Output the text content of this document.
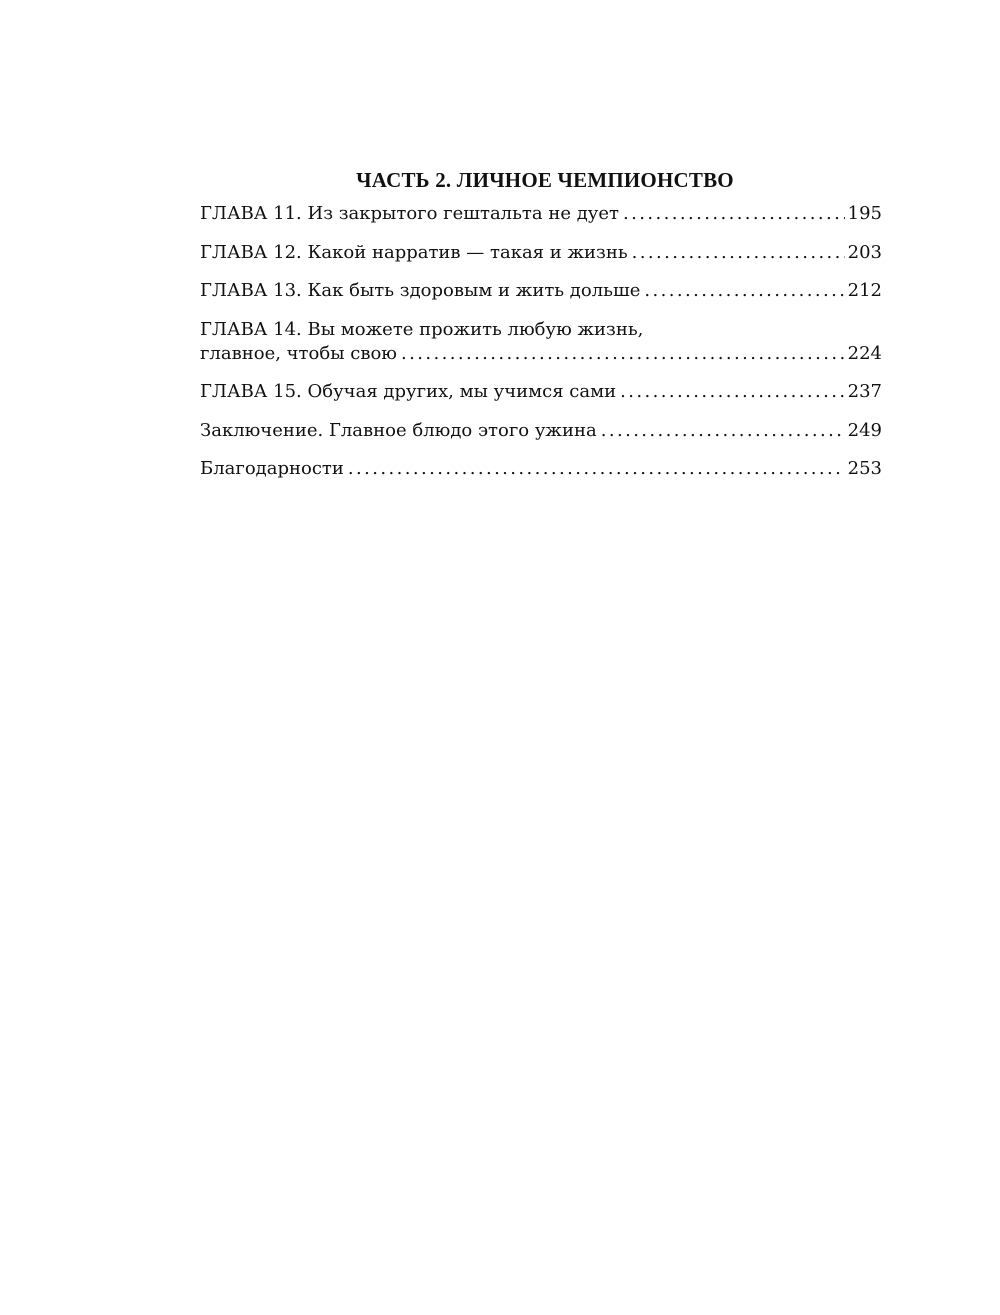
ЧАСТЬ 2. ЛИЧНОЕ ЧЕМПИОНСТВО
ГЛАВА 11. Из закрытого гештальта не дует .....	195
ГЛАВА 12. Какой нарратив — такая и жизнь .....	203
ГЛАВА 13. Как быть здоровым и жить дольше .....	212
ГЛАВА 14. Вы можете прожить любую жизнь,
главное, чтобы свою .....	224
ГЛАВА 15. Обучая других, мы учимся сами .....	237
Заключение. Главное блюдо этого ужина .....	249
Благодарности .....	253
